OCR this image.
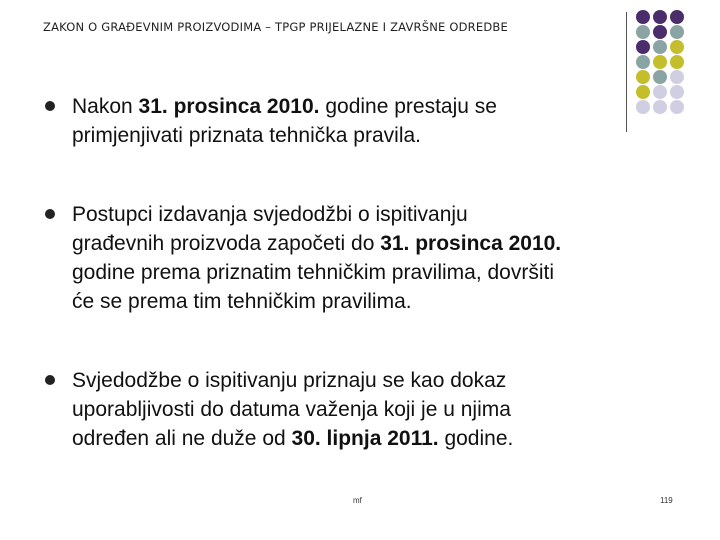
ZAKON O GRAĐEVNIM PROIZVODIMA – TPGP PRIJELAZNE I ZAVRŠNE ODREDBE

Nakon 31. prosinca 2010. godine prestaju se
primjenjivati priznata tehnička pravila.

Postupci izdavanja svjedodžbi o ispitivanju
građevnih proizvoda započeti do 31. prosinca 2010.
godine prema priznatim tehničkim pravilima, dovršiti
će se prema tim tehničkim pravilima.

Svjedodžbe o ispitivanju priznaju se kao dokaz
uporabljivosti do datuma važenja koji je u njima
određen ali ne duže od 30. lipnja 2011. godine.

mf	119
